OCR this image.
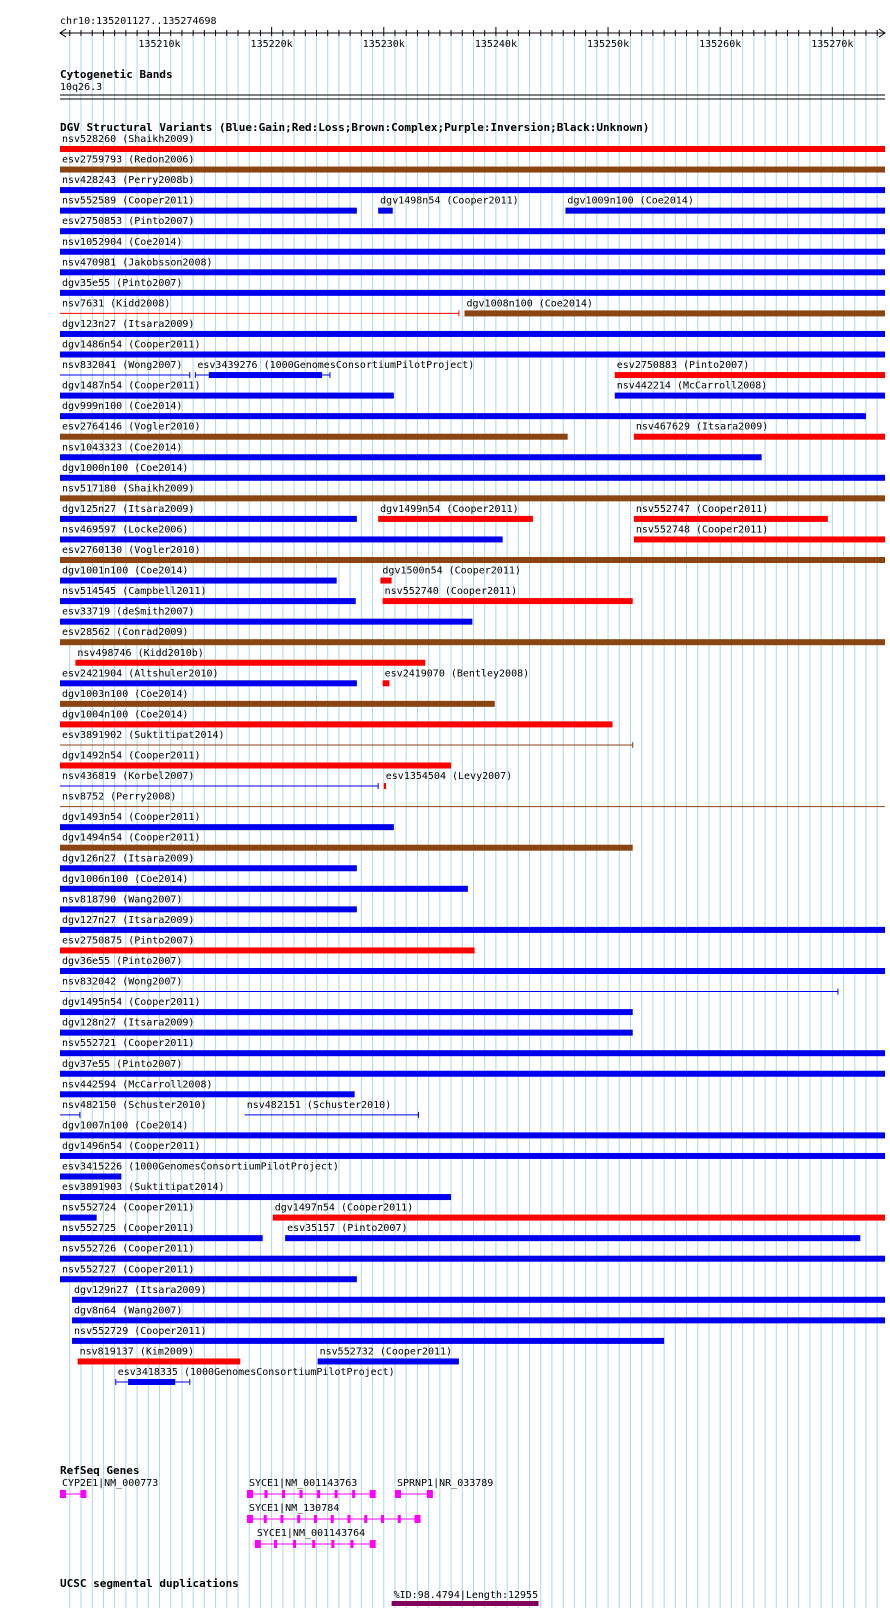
chr10:135201127..135274698
135210k	135220k	135230k	135240k	135250k	135260k	135270k
Cytogenetic Bands
10q26.3
DGV Structural Variants (Blue:Gain;Red:Loss;Brown:Complex;Purple:Inversion;Black:Unknown)
nsv528260 (Shaikh2009)
esv2759793 (Redon2006)
nsv428243 (Perry2008b)
nsv552589 (Cooper2011)	dgv1498n54 (Cooper2011)	dgv1009n100 (Coe2014)
esv2750853 (Pinto2007)
nsv1052904 (Coe2014)
nsv470981 (Jakobsson2008)
dgv35e55 (Pinto2007)
nsv7631 (Kidd2008)	dgv1008n100 (Coe2014)
dgv123n27 (Itsara2009)
dgv1486n54 (Cooper2011)
nsv832041 (Wong2007) esv3439276 (1000GenomesConsortiumPilotProject)	esv2750883 (Pinto2007)
dgv1487n54 (Cooper2011)	nsv442214 (McCarroll2008)
dgv999n100 (Coe2014)
esv2764146 (Vogler2010)	nsv467629 (Itsara2009)
nsv1043323 (Coe2014)
dgv1000n100 (Coe2014)
nsv517180 (Shaikh2009)
dgv125n27 (Itsara2009)	dgv1499n54 (Cooper2011)	nsv552747 (Cooper2011)
nsv469597 (Locke2006)	nsv552748 (Cooper2011)
esv2760130 (Vogler2010)
dgv1001n100 (Coe2014)	dgv1500n54 (Cooper2011)
nsv514545 (Campbell2011)	nsv552740 (Cooper2011)
esv33719 (deSmith2007)
esv28562 (Conrad2009)
nsv498746 (Kidd2010b)
esv2421904 (Altshuler2010)	esv2419070 (Bentley2008)
dgv1003n100 (Coe2014)
dgv1004n100 (Coe2014)
esv3891902 (Suktitipat2014)
dgv1492n54 (Cooper2011)
nsv436819 (Korbel2007)	esv1354504 (Levy2007)
nsv8752 (Perry2008)
dgv1493n54 (Cooper2011)
dgv1494n54 (Cooper2011)
dgv126n27 (Itsara2009)
dgv1006n100 (Coe2014)
nsv818790 (Wang2007)
dgv127n27 (Itsara2009)
esv2750875 (Pinto2007)
dgv36e55 (Pinto2007)
nsv832042 (Wong2007)
dgv1495n54 (Cooper2011)
dgv128n27 (Itsara2009)
nsv552721 (Cooper2011)
dgv37e55 (Pinto2007)
nsv442594 (McCarroll2008)
nsv482150 (Schuster2010)	nsv482151 (Schuster2010)
dgv1007n100 (Coe2014)
dgv1496n54 (Cooper2011)
esv3415226 (1000GenomesConsortiumPilotProject)
esv3891903 (Suktitipat2014)
nsv552724 (Cooper2011)	dgv1497n54 (Cooper2011)
nsv552725 (Cooper2011)	esv35157 (Pinto2007)
nsv552726 (Cooper2011)
nsv552727 (Cooper2011)
dgv129n27 (Itsara2009)
dgv8n64 (Wang2007)
nsv552729 (Cooper2011)
nsv819137 (Kim2009)	nsv552732 (Cooper2011)
esv3418335 (1000GenomesConsortiumPilotProject)
RefSeq Genes
CYP2E1|NM_000773	SYCE1|NM_001143763	SPRNP1|NR_033789
SYCE1|NM_130784
SYCE1|NM_001143764
UCSC segmental duplications
%ID:98.4794|Length:12955
